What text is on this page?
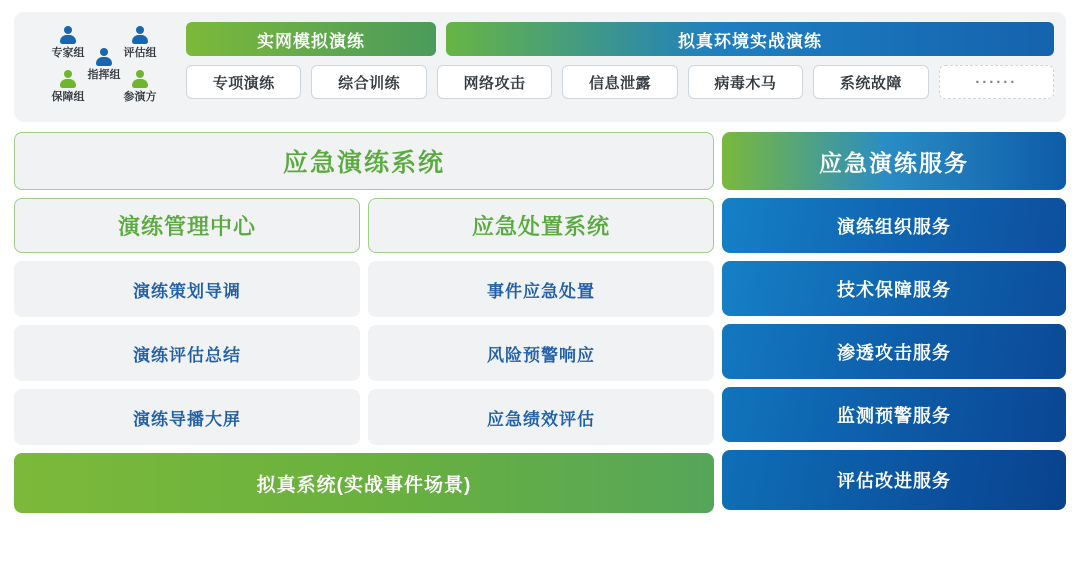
专家组	评估组
指挥组
保障组	参演方
实网模拟演练	拟真环境实战演练
专项演练	综合训练	网络攻击	信息泄露	病毒木马	系统故障	······
应急演练系统
演练管理中心	应急处置系统
演练策划导调	事件应急处置
演练评估总结	风险预警响应
演练导播大屏	应急绩效评估
拟真系统(实战事件场景)
应急演练服务
演练组织服务
技术保障服务
渗透攻击服务
监测预警服务
评估改进服务
